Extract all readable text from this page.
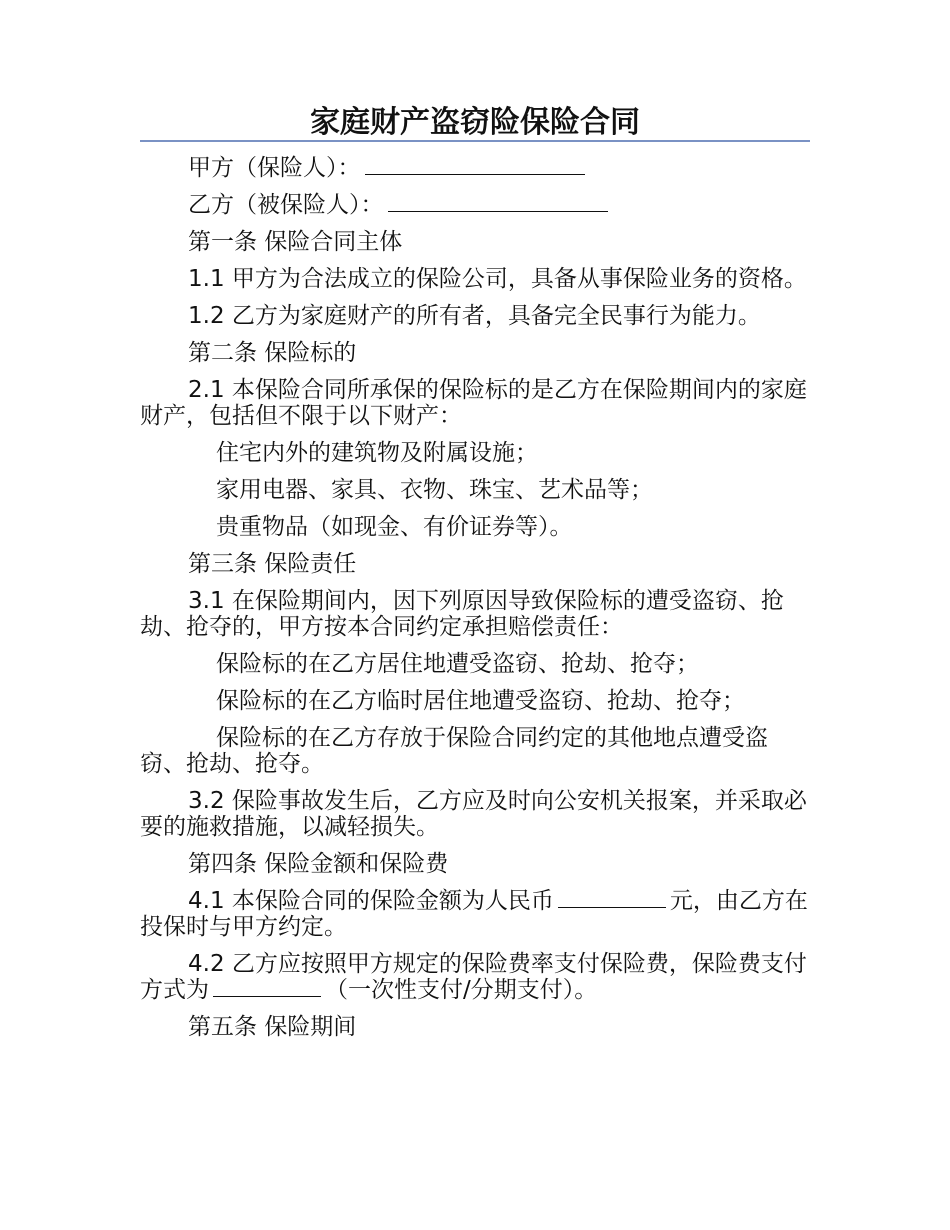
家庭财产盗窃险保险合同
甲方（保险人）：
乙方（被保险人）：
第一条 保险合同主体
1.1 甲方为合法成立的保险公司，具备从事保险业务的资格。
1.2 乙方为家庭财产的所有者，具备完全民事行为能力。
第二条 保险标的
2.1 本保险合同所承保的保险标的是乙方在保险期间内的家庭财产，包括但不限于以下财产：
住宅内外的建筑物及附属设施；
家用电器、家具、衣物、珠宝、艺术品等；
贵重物品（如现金、有价证券等）。
第三条 保险责任
3.1 在保险期间内，因下列原因导致保险标的遭受盗窃、抢劫、抢夺的，甲方按本合同约定承担赔偿责任：
保险标的在乙方居住地遭受盗窃、抢劫、抢夺；
保险标的在乙方临时居住地遭受盗窃、抢劫、抢夺；
保险标的在乙方存放于保险合同约定的其他地点遭受盗窃、抢劫、抢夺。
3.2 保险事故发生后，乙方应及时向公安机关报案，并采取必要的施救措施，以减轻损失。
第四条 保险金额和保险费
4.1 本保险合同的保险金额为人民币	元，由乙方在投保时与甲方约定。
4.2 乙方应按照甲方规定的保险费率支付保险费，保险费支付方式为	（一次性支付/分期支付）。
第五条 保险期间
